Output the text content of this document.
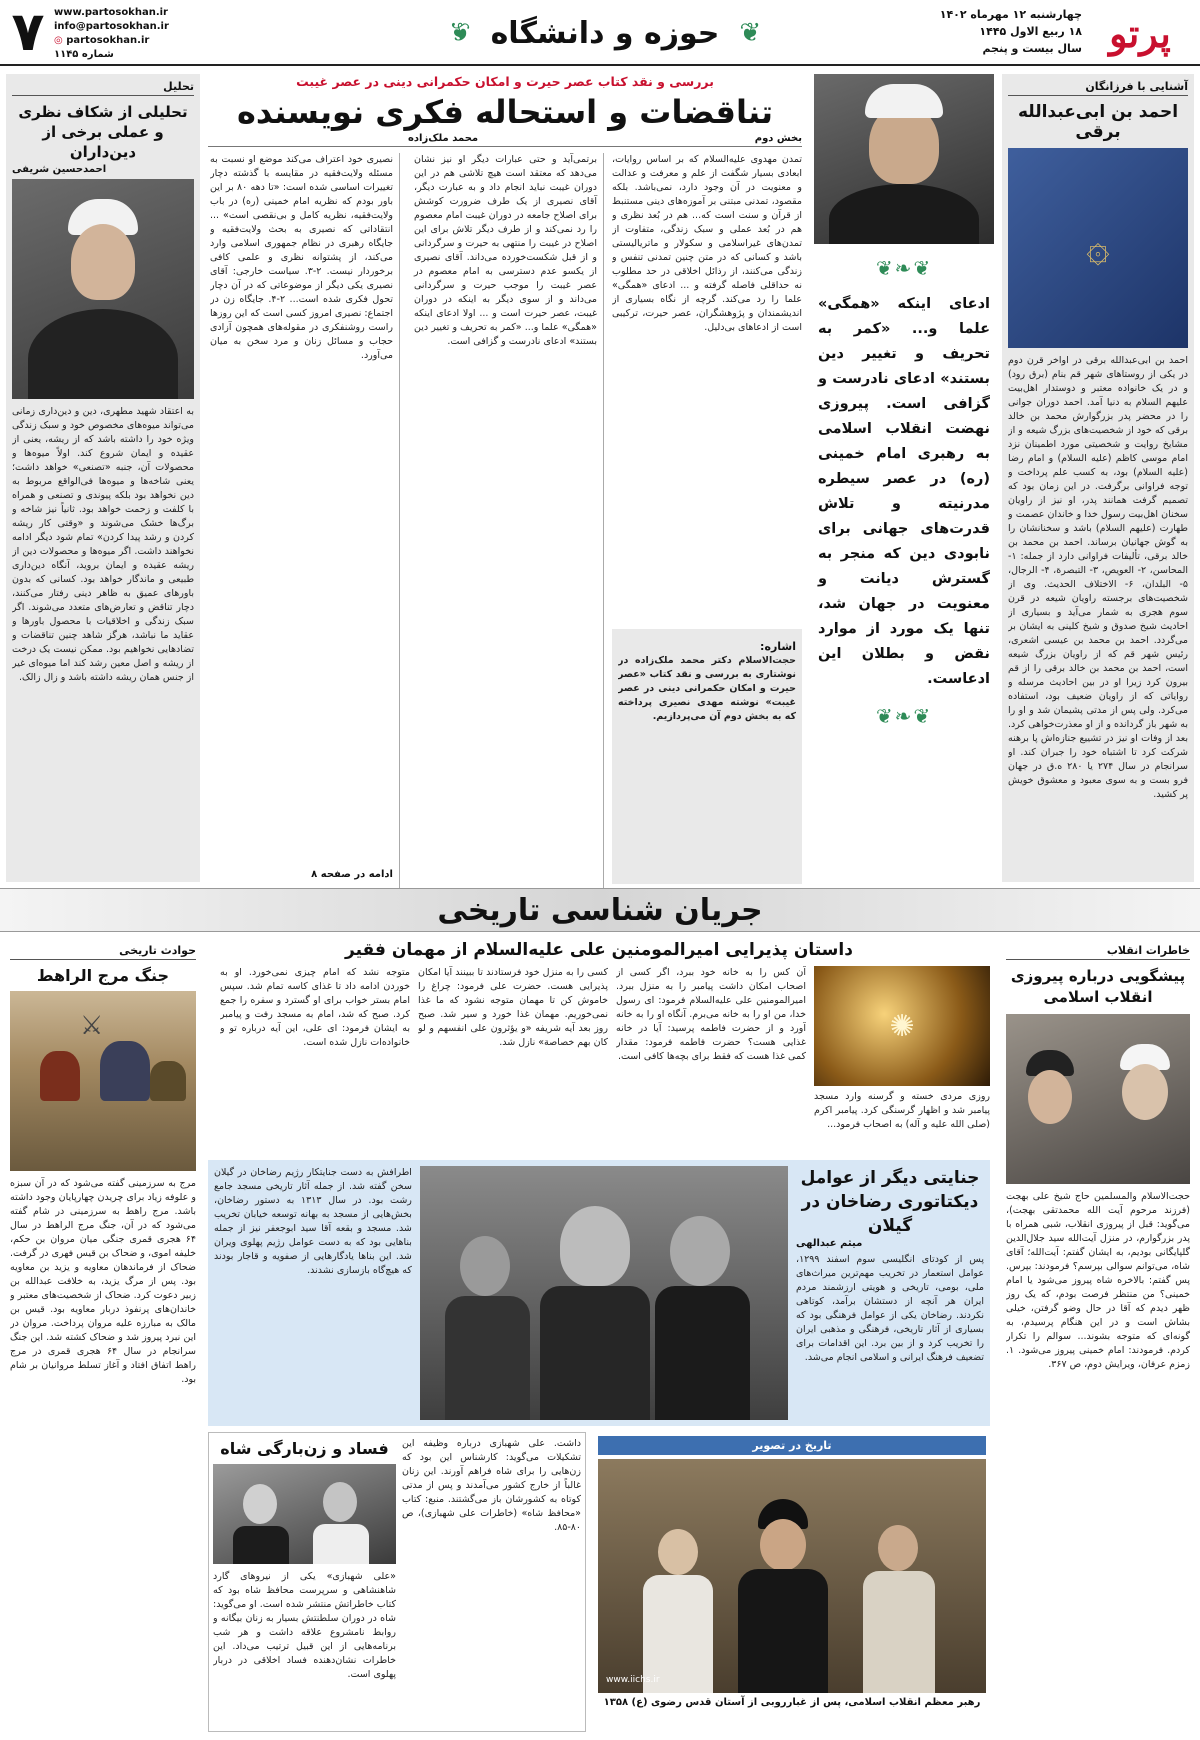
پرتو
چهارشنبه ۱۲ مهرماه ۱۴۰۲
۱۸ ربیع الاول ۱۴۴۵
سال بیست و پنجم
❦
حوزه و دانشگاه
❦
www.partosokhan.ir
info@partosokhan.ir
◎ partosokhan.ir
شماره ۱۱۴۵
۷
آشنایی با فرزانگان
احمد بن ابی‌عبدالله برقی
۞
احمد بن ابی‌عبدالله برقی در اواخر قرن دوم در یکی از روستاهای شهر قم بنام (برق رود) و در یک خانواده معتبر و دوستدار اهل‌بیت علیهم السلام به دنیا آمد. احمد دوران جوانی را در محضر پدر بزرگوارش محمد بن خالد برقی که خود از شخصیت‌های بزرگ شیعه و از مشایخ روایت و شخصیتی مورد اطمینان نزد امام موسی کاظم (علیه السلام) و امام رضا (علیه السلام) بود، به کسب علم پرداخت و توجه فراوانی برگرفت. در این زمان بود که تصمیم گرفت همانند پدر، او نیز از راویان سخنان اهل‌بیت رسول خدا و خاندان عصمت و طهارت (علیهم السلام) باشد و سخنانشان را به گوش جهانیان برساند. احمد بن محمد بن خالد برقی، تألیفات فراوانی دارد از جمله: ۱- المحاسن، ۲- العویص، ۳- التبصرة، ۴- الرجال، ۵- البلدان، ۶- الاختلاف الحدیث. وی از شخصیت‌های برجسته راویان شیعه در قرن سوم هجری به شمار می‌آید و بسیاری از احادیث شیخ صدوق و شیخ کلینی به ایشان بر می‌گردد. احمد بن محمد بن عیسی اشعری، رئیس شهر قم که از راویان بزرگ شیعه است، احمد بن محمد بن خالد برقی را از قم بیرون کرد زیرا او در بین احادیث مرسله و روایاتی که از راویان ضعیف بود، استفاده می‌کرد. ولی پس از مدتی پشیمان شد و او را به شهر باز گردانده و از او معذرت‌خواهی کرد. بعد از وفات او نیز در تشییع جنازه‌اش پا برهنه شرکت کرد تا اشتباه خود را جبران کند. او سرانجام در سال ۲۷۴ یا ۲۸۰ ه.ق در جهان فرو بست و به سوی معبود و معشوق خویش پر کشید.
❦❧❦
ادعای اینکه «همگی» علما و... «کمر به تحریف و تغییر دین بستند» ادعای نادرست و گزافی است. پیروزی نهضت انقلاب اسلامی به رهبری امام خمینی (ره) در عصر سیطره مدرنیته و تلاش قدرت‌های جهانی برای نابودی دین که منجر به گسترش دیانت و معنویت در جهان شد، تنها یک مورد از موارد نقض و بطلان این ادعاست.
❦❧❦
بررسی و نقد کتاب عصر حیرت و امکان حکمرانی دینی در عصر غیبت
تناقضات و استحاله فکری نویسنده
بخش دوم
محمد ملک‌زاده
تمدن مهدوی علیه‌السلام که بر اساس روایات، ابعادی بسیار شگفت از علم و معرفت و عدالت و معنویت در آن وجود دارد، نمی‌باشد. بلکه مقصود، تمدنی مبتنی بر آموزه‌های دینی مستنبط از قرآن و سنت است که... هم در بُعد نظری و هم در بُعد عملی و سبک زندگی، متفاوت از تمدن‌های غیراسلامی و سکولار و ماتریالیستی باشد و کسانی که در متن چنین تمدنی تنفس و زندگی می‌کنند، از رذائل اخلاقی در حد مطلوب نه حداقلی فاصله گرفته و ... ادعای «همگی» علما را رد می‌کند. گرچه از نگاه بسیاری از اندیشمندان و پژوهشگران، عصر حیرت، ترکیبی است از ادعاهای بی‌دلیل.
اشاره:
حجت‌الاسلام دکتر محمد ملک‌زاده در نوشتاری به بررسی و نقد کتاب «عصر حیرت و امکان حکمرانی دینی در عصر غیبت» نوشته مهدی نصیری پرداخته که به بخش دوم آن می‌پردازیم.
برتمی‌آید و حتی عبارات دیگر او نیز نشان می‌دهد که معتقد است هیچ تلاشی هم در این دوران غیبت نباید انجام داد و به عبارت دیگر، آقای نصیری از یک طرف ضرورت کوشش برای اصلاح جامعه در دوران غیبت امام معصوم را رد نمی‌کند و از طرف دیگر تلاش برای این اصلاح در غیبت را منتهی به حیرت و سرگردانی و از قبل شکست‌خورده می‌داند. آقای نصیری از یکسو عدم دسترسی به امام معصوم در عصر غیبت را موجب حیرت و سرگردانی می‌داند و از سوی دیگر به اینکه در دوران غیبت، عصر حیرت است و ... اولا ادعای اینکه «همگی» علما و... «کمر به تحریف و تغییر دین بستند» ادعای نادرست و گزافی است.
نصیری خود اعتراف می‌کند موضع او نسبت به مسئله ولایت‌فقیه در مقایسه با گذشته دچار تغییرات اساسی شده است: «تا دهه ۸۰ بر این باور بودم که نظریه امام خمینی (ره) در باب ولایت‌فقیه، نظریه کامل و بی‌نقصی است» ... انتقاداتی که نصیری به بحث ولایت‌فقیه و جایگاه رهبری در نظام جمهوری اسلامی وارد می‌کند، از پشتوانه نظری و علمی کافی برخوردار نیست. ۲-۳. سیاست خارجی: آقای نصیری یکی دیگر از موضوعاتی که در آن دچار تحول فکری شده است... ۲-۴. جایگاه زن در اجتماع: نصیری امروز کسی است که این روزها راست روشنفکری در مقوله‌های همچون آزادی حجاب و مسائل زنان و مرد سخن به میان می‌آورد.
ادامه در صفحه ۸
تحلیل
تحلیلی از شکاف نظری و عملی برخی از دین‌داران
احمدحسین شریفی
به اعتقاد شهید مطهری، دین و دین‌داری زمانی می‌تواند میوه‌های مخصوص خود و سبک زندگی ویژه خود را داشته باشد که از ریشه، یعنی از عقیده و ایمان شروع کند. اولاً میوه‌ها و محصولات آن، جنبه «تصنعی» خواهد داشت؛ یعنی شاخه‌ها و میوه‌ها فی‌الواقع مربوط به دین نخواهد بود بلکه پیوندی و تصنعی و همراه با کلفت و زحمت خواهد بود. ثانیاً نیز شاخه و برگ‌ها خشک می‌شوند و «وقتی کار ریشه کردن و رشد پیدا کردن» تمام شود دیگر ادامه نخواهند داشت. اگر میوه‌ها و محصولات دین از ریشه عقیده و ایمان بروید، آنگاه دین‌داری طبیعی و ماندگار خواهد بود. کسانی که بدون باورهای عمیق به ظاهر دینی رفتار می‌کنند، دچار تناقض و تعارض‌های متعدد می‌شوند. اگر سبک زندگی و اخلاقیات با محصول باورها و عقاید ما نباشد، هرگز شاهد چنین تناقضات و تضادهایی نخواهیم بود. ممکن نیست یک درخت از ریشه و اصل معین رشد کند اما میوه‌ای غیر از جنس همان ریشه داشته باشد و زال زالک.
جریان شناسی تاریخی
خاطرات انقلاب
پیشگویی درباره پیروزی انقلاب اسلامی
حجت‌الاسلام والمسلمین حاج شیخ علی بهجت (فرزند مرحوم آیت الله محمدتقی بهجت)، می‌گوید: قبل از پیروزی انقلاب، شبی همراه با پدر بزرگوارم، در منزل آیت‌الله سید جلال‌الدین گلپایگانی بودیم، به ایشان گفتم: آیت‌الله؛ آقای شاه، می‌توانم سوالی بپرسم؟ فرمودند: بپرس. پس گفتم: بالاخره شاه پیروز می‌شود یا امام خمینی؟ من منتظر فرصت بودم، که یک روز ظهر دیدم که آقا در حال وضو گرفتن، خیلی بشاش است و در این هنگام پرسیدم، به گونه‌ای که متوجه بشوند... سوالم را تکرار کردم. فرمودند: امام خمینی پیروز می‌شود. ۱. زمزم عرفان، ویرایش دوم، ص ۳۶۷.
داستان پذیرایی امیرالمومنین علی علیه‌السلام از مهمان فقیر
✺
روزی مردی خسته و گرسنه وارد مسجد پیامبر شد و اظهار گرسنگی کرد. پیامبر اکرم (صلی الله علیه و آله) به اصحاب فرمود...
آن کس را به خانه خود ببرد، اگر کسی از اصحاب امکان داشت پیامبر را به منزل ببرد. امیرالمومنین علی علیه‌السلام فرمود: ای رسول خدا، من او را به خانه می‌برم. آنگاه او را به خانه آورد و از حضرت فاطمه پرسید: آیا در خانه غذایی هست؟ حضرت فاطمه فرمود: مقدار کمی غذا هست که فقط برای بچه‌ها کافی است.
کسی را به منزل خود فرستادند تا ببینند آیا امکان پذیرایی هست. حضرت علی فرمود: چراغ را خاموش کن تا مهمان متوجه نشود که ما غذا نمی‌خوریم. مهمان غذا خورد و سیر شد. صبح روز بعد آیه شریفه «و یؤثرون علی انفسهم و لو کان بهم خصاصة» نازل شد.
متوجه نشد که امام چیزی نمی‌خورد. او به خوردن ادامه داد تا غذای کاسه تمام شد. سپس امام بستر خواب برای او گسترد و سفره را جمع کرد. صبح که شد، امام به مسجد رفت و پیامبر به ایشان فرمود: ای علی، این آیه درباره تو و خانواده‌ات نازل شده است.
حوادث تاریخی
جنگ مرج الراهط
⚔
مرج به سرزمینی گفته می‌شود که در آن سبزه و علوفه زیاد برای چریدن چهارپایان وجود داشته باشد. مرج راهط به سرزمینی در شام گفته می‌شود که در آن، جنگ مرج الراهط در سال ۶۴ هجری قمری جنگی میان مروان بن حکم، خلیفه اموی، و ضحاک بن قیس فهری در گرفت. ضحاک از فرماندهان معاویه و یزید بن معاویه بود. پس از مرگ یزید، به خلافت عبدالله بن زبیر دعوت کرد. ضحاک از شخصیت‌های معتبر و خاندان‌های پرنفوذ دربار معاویه بود. قیس بن مالک به مبارزه علیه مروان پرداخت. مروان در این نبرد پیروز شد و ضحاک کشته شد. این جنگ سرانجام در سال ۶۴ هجری قمری در مرج راهط اتفاق افتاد و آغاز تسلط مروانیان بر شام بود.
جنایتی دیگر از عوامل دیکتاتوری رضاخان در گیلان
میثم عبدالهی
پس از کودتای انگلیسی سوم اسفند ۱۲۹۹، عوامل استعمار در تخریب مهم‌ترین میراث‌های ملی، بومی، تاریخی و هویتی ارزشمند مردم ایران هر آنچه از دستشان برآمد، کوتاهی نکردند. رضاخان یکی از عوامل فرهنگی بود که بسیاری از آثار تاریخی، فرهنگی و مذهبی ایران را تخریب کرد و از بین برد. این اقدامات برای تضعیف فرهنگ ایرانی و اسلامی انجام می‌شد.
اطرافش به دست جنایتکار رژیم رضاخان در گیلان سخن گفته شد. از جمله آثار تاریخی مسجد جامع رشت بود. در سال ۱۳۱۳ به دستور رضاخان، بخش‌هایی از مسجد به بهانه توسعه خیابان تخریب شد. مسجد و بقعه آقا سید ابوجعفر نیز از جمله بناهایی بود که به دست عوامل رژیم پهلوی ویران شد. این بناها یادگارهایی از صفویه و قاجار بودند که هیچ‌گاه بازسازی نشدند.
داشت. علی شهبازی درباره وظیفه این تشکیلات می‌گوید: کارشناس این بود که زن‌هایی را برای شاه فراهم آورند. این زنان غالباً از خارج کشور می‌آمدند و پس از مدتی کوتاه به کشورشان باز می‌گشتند. منبع: کتاب «محافظ شاه» (خاطرات علی شهبازی)، ص ۸۰-۸۵.
فساد و زن‌بارگی شاه
«علی شهبازی» یکی از نیروهای گارد شاهنشاهی و سرپرست محافظ شاه بود که کتاب خاطراتش منتشر شده است. او می‌گوید: شاه در دوران سلطنتش بسیار به زنان بیگانه و روابط نامشروع علاقه داشت و هر شب برنامه‌هایی از این قبیل ترتیب می‌داد. این خاطرات نشان‌دهنده فساد اخلاقی در دربار پهلوی است.
تاریخ در تصویر
www.iichs.ir
رهبر معظم انقلاب اسلامی، پس از غبارروبی از آستان قدس رضوی (ع) ۱۳۵۸
